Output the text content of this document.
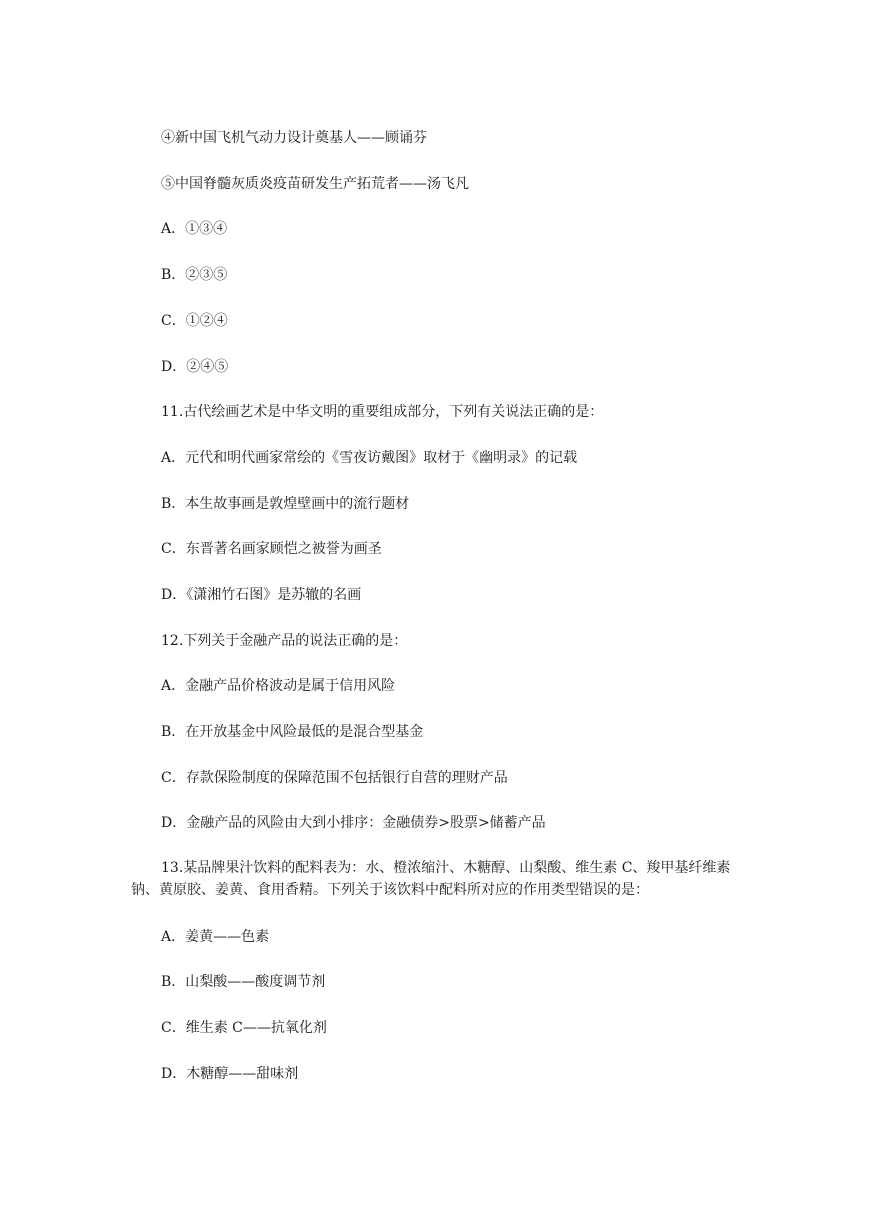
④新中国飞机气动力设计奠基人——顾诵芬
⑤中国脊髓灰质炎疫苗研发生产拓荒者——汤飞凡
A．①③④
B．②③⑤
C．①②④
D．②④⑤
11.古代绘画艺术是中华文明的重要组成部分，下列有关说法正确的是：
A．元代和明代画家常绘的《雪夜访戴图》取材于《幽明录》的记载
B．本生故事画是敦煌壁画中的流行题材
C．东晋著名画家顾恺之被誉为画圣
D．《潇湘竹石图》是苏辙的名画
12.下列关于金融产品的说法正确的是：
A．金融产品价格波动是属于信用风险
B．在开放基金中风险最低的是混合型基金
C．存款保险制度的保障范围不包括银行自营的理财产品
D．金融产品的风险由大到小排序：金融债券>股票>储蓄产品
13.某品牌果汁饮料的配料表为：水、橙浓缩汁、木糖醇、山梨酸、维生素 C、羧甲基纤维素钠、黄原胶、姜黄、食用香精。下列关于该饮料中配料所对应的作用类型错误的是：
A．姜黄——色素
B．山梨酸——酸度调节剂
C．维生素 C——抗氧化剂
D．木糖醇——甜味剂
